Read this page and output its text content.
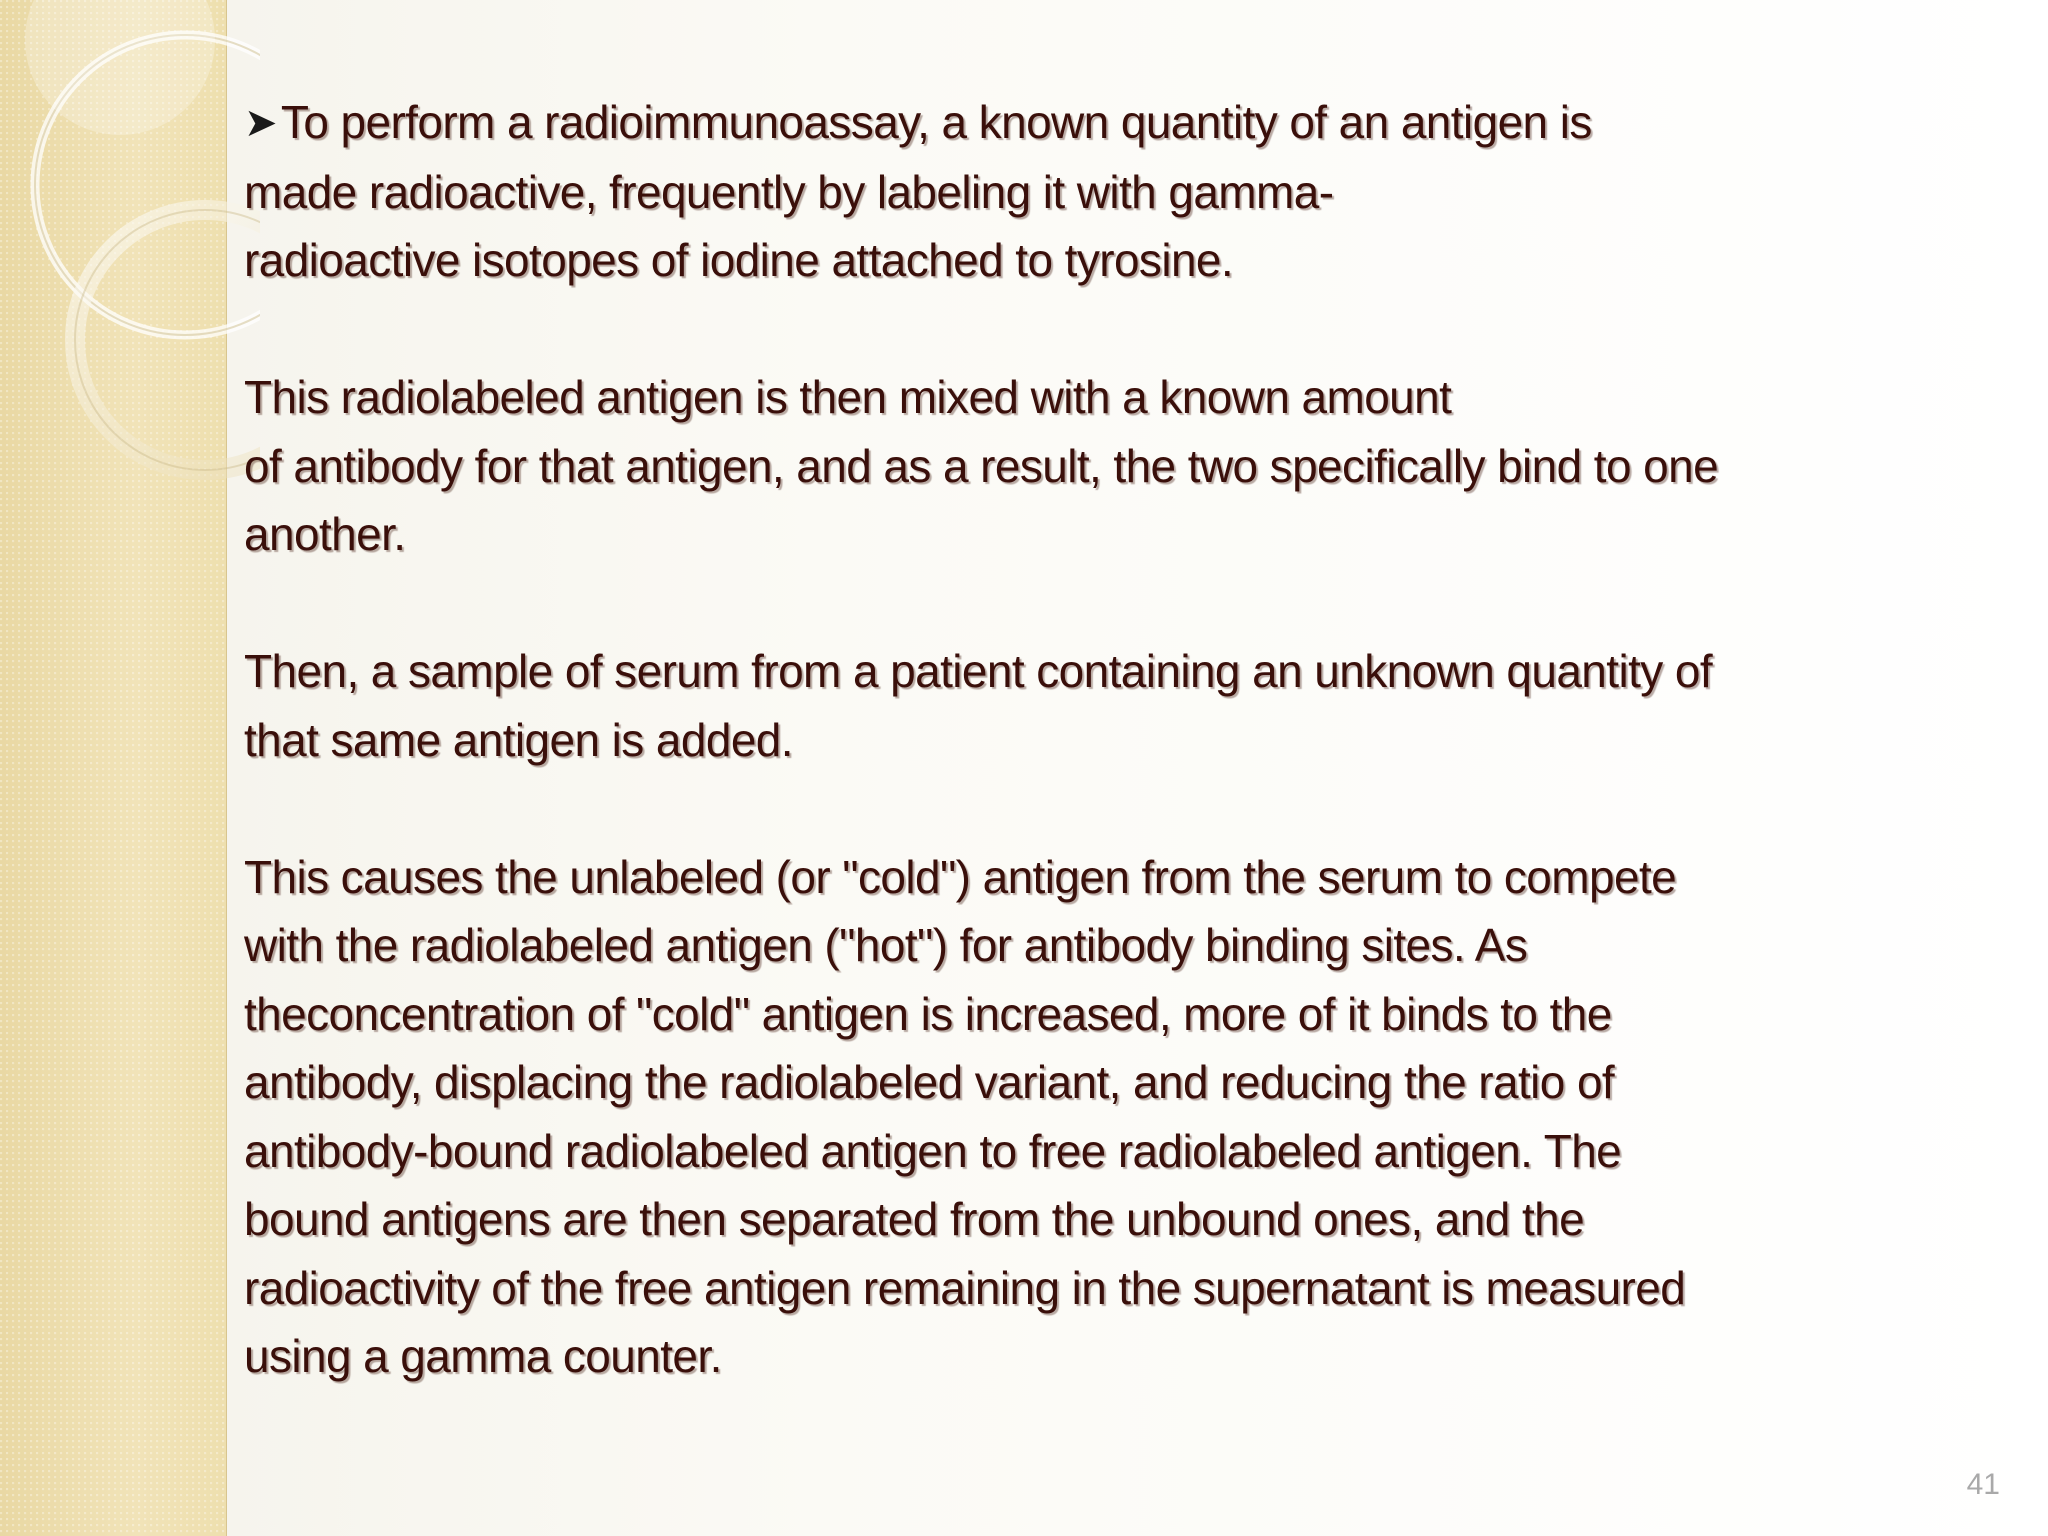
➤To perform a radioimmunoassay, a known quantity of an antigen is
made radioactive, frequently by labeling it with gamma-
radioactive isotopes of iodine attached to tyrosine.
This radiolabeled antigen is then mixed with a known amount
of antibody for that antigen, and as a result, the two specifically bind to one
another.
Then, a sample of serum from a patient containing an unknown quantity of
that same antigen is added.
This causes the unlabeled (or "cold") antigen from the serum to compete
with the radiolabeled antigen ("hot") for antibody binding sites. As
theconcentration of "cold" antigen is increased, more of it binds to the
antibody, displacing the radiolabeled variant, and reducing the ratio of
antibody-bound radiolabeled antigen to free radiolabeled antigen. The
bound antigens are then separated from the unbound ones, and the
radioactivity of the free antigen remaining in the supernatant is measured
using a gamma counter.
41
